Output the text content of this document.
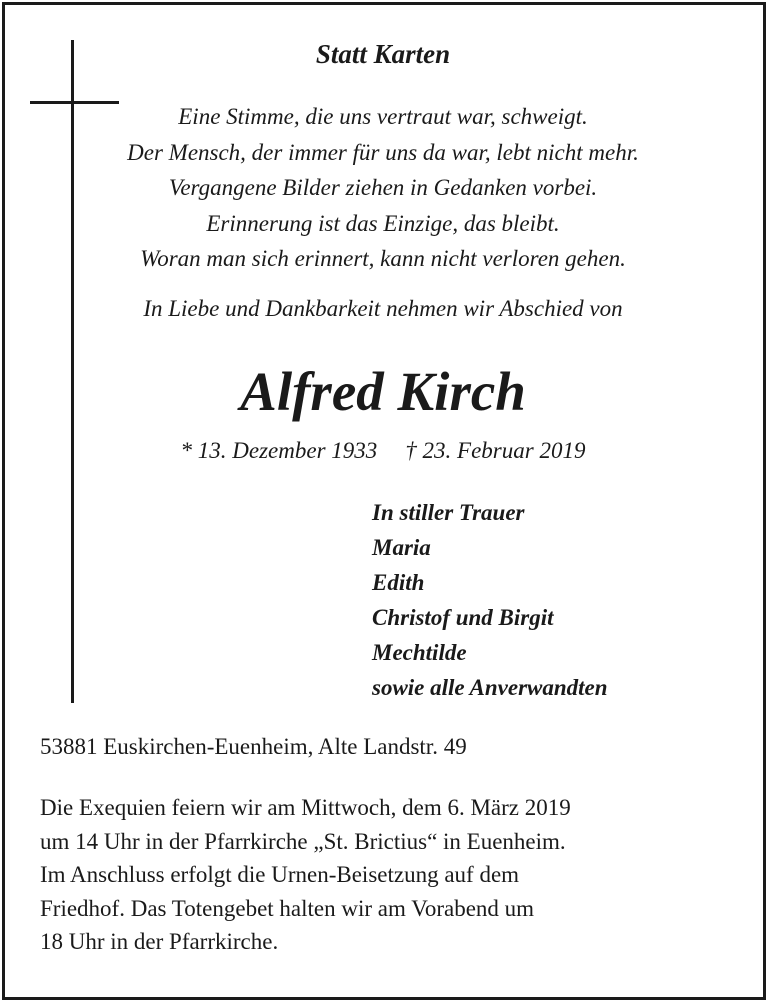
Statt Karten
Eine Stimme, die uns vertraut war, schweigt.
Der Mensch, der immer für uns da war, lebt nicht mehr.
Vergangene Bilder ziehen in Gedanken vorbei.
Erinnerung ist das Einzige, das bleibt.
Woran man sich erinnert, kann nicht verloren gehen.
In Liebe und Dankbarkeit nehmen wir Abschied von
Alfred Kirch
* 13. Dezember 1933 † 23. Februar 2019
In stiller Trauer
Maria
Edith
Christof und Birgit
Mechtilde
sowie alle Anverwandten
53881 Euskirchen-Euenheim, Alte Landstr. 49
Die Exequien feiern wir am Mittwoch, dem 6. März 2019
um 14 Uhr in der Pfarrkirche „St. Brictius“ in Euenheim.
Im Anschluss erfolgt die Urnen-Beisetzung auf dem
Friedhof. Das Totengebet halten wir am Vorabend um
18 Uhr in der Pfarrkirche.
